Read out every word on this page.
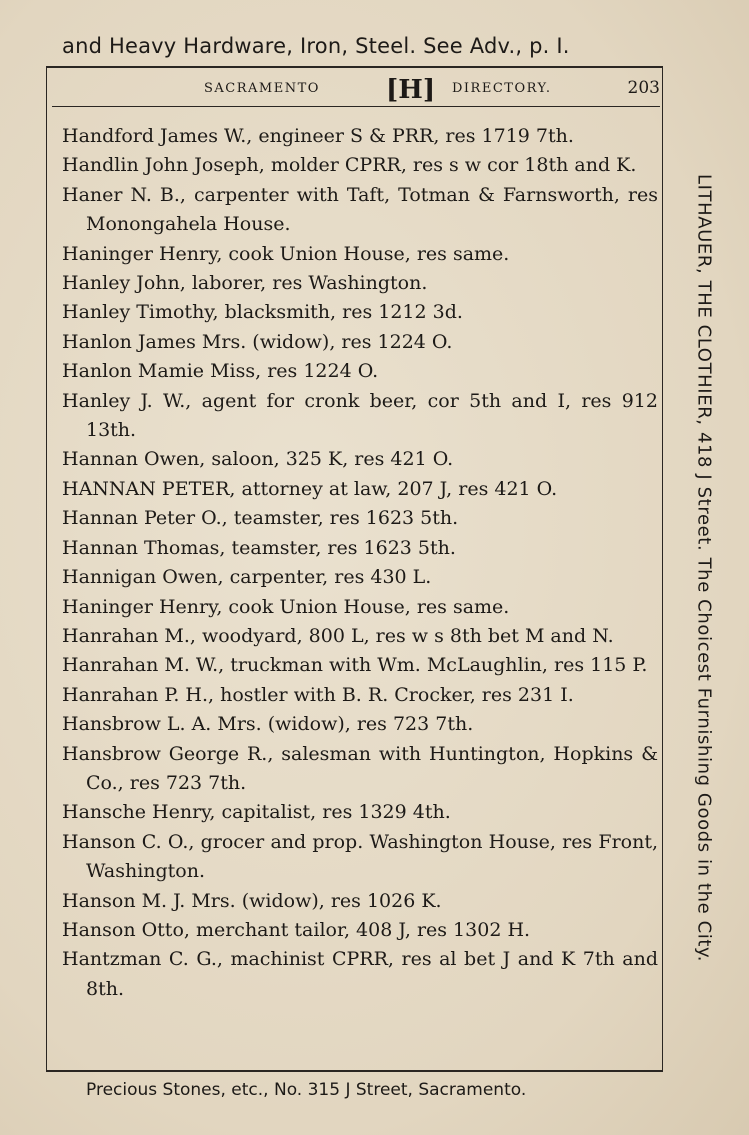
and Heavy Hardware, Iron, Steel. See Adv., p. I.
SACRAMENTO	[H] DIRECTORY.	203
Handford James W., engineer S & PRR, res 1719 7th.
Handlin John Joseph, molder CPRR, res s w cor 18th and K.
Haner N. B., carpenter with Taft, Totman & Farnsworth, res Monongahela House.
Haninger Henry, cook Union House, res same.
Hanley John, laborer, res Washington.
Hanley Timothy, blacksmith, res 1212 3d.
Hanlon James Mrs. (widow), res 1224 O.
Hanlon Mamie Miss, res 1224 O.
Hanley J. W., agent for cronk beer, cor 5th and I, res 912 13th.
Hannan Owen, saloon, 325 K, res 421 O.
HANNAN PETER, attorney at law, 207 J, res 421 O.
Hannan Peter O., teamster, res 1623 5th.
Hannan Thomas, teamster, res 1623 5th.
Hannigan Owen, carpenter, res 430 L.
Haninger Henry, cook Union House, res same.
Hanrahan M., woodyard, 800 L, res w s 8th bet M and N.
Hanrahan M. W., truckman with Wm. McLaughlin, res 115 P.
Hanrahan P. H., hostler with B. R. Crocker, res 231 I.
Hansbrow L. A. Mrs. (widow), res 723 7th.
Hansbrow George R., salesman with Huntington, Hopkins & Co., res 723 7th.
Hansche Henry, capitalist, res 1329 4th.
Hanson C. O., grocer and prop. Washington House, res Front, Washington.
Hanson M. J. Mrs. (widow), res 1026 K.
Hanson Otto, merchant tailor, 408 J, res 1302 H.
Hantzman C. G., machinist CPRR, res al bet J and K 7th and 8th.
LITHAUER, THE CLOTHIER, 418 J Street. The Choicest Furnishing Goods in the City.
Precious Stones, etc., No. 315 J Street, Sacramento.
